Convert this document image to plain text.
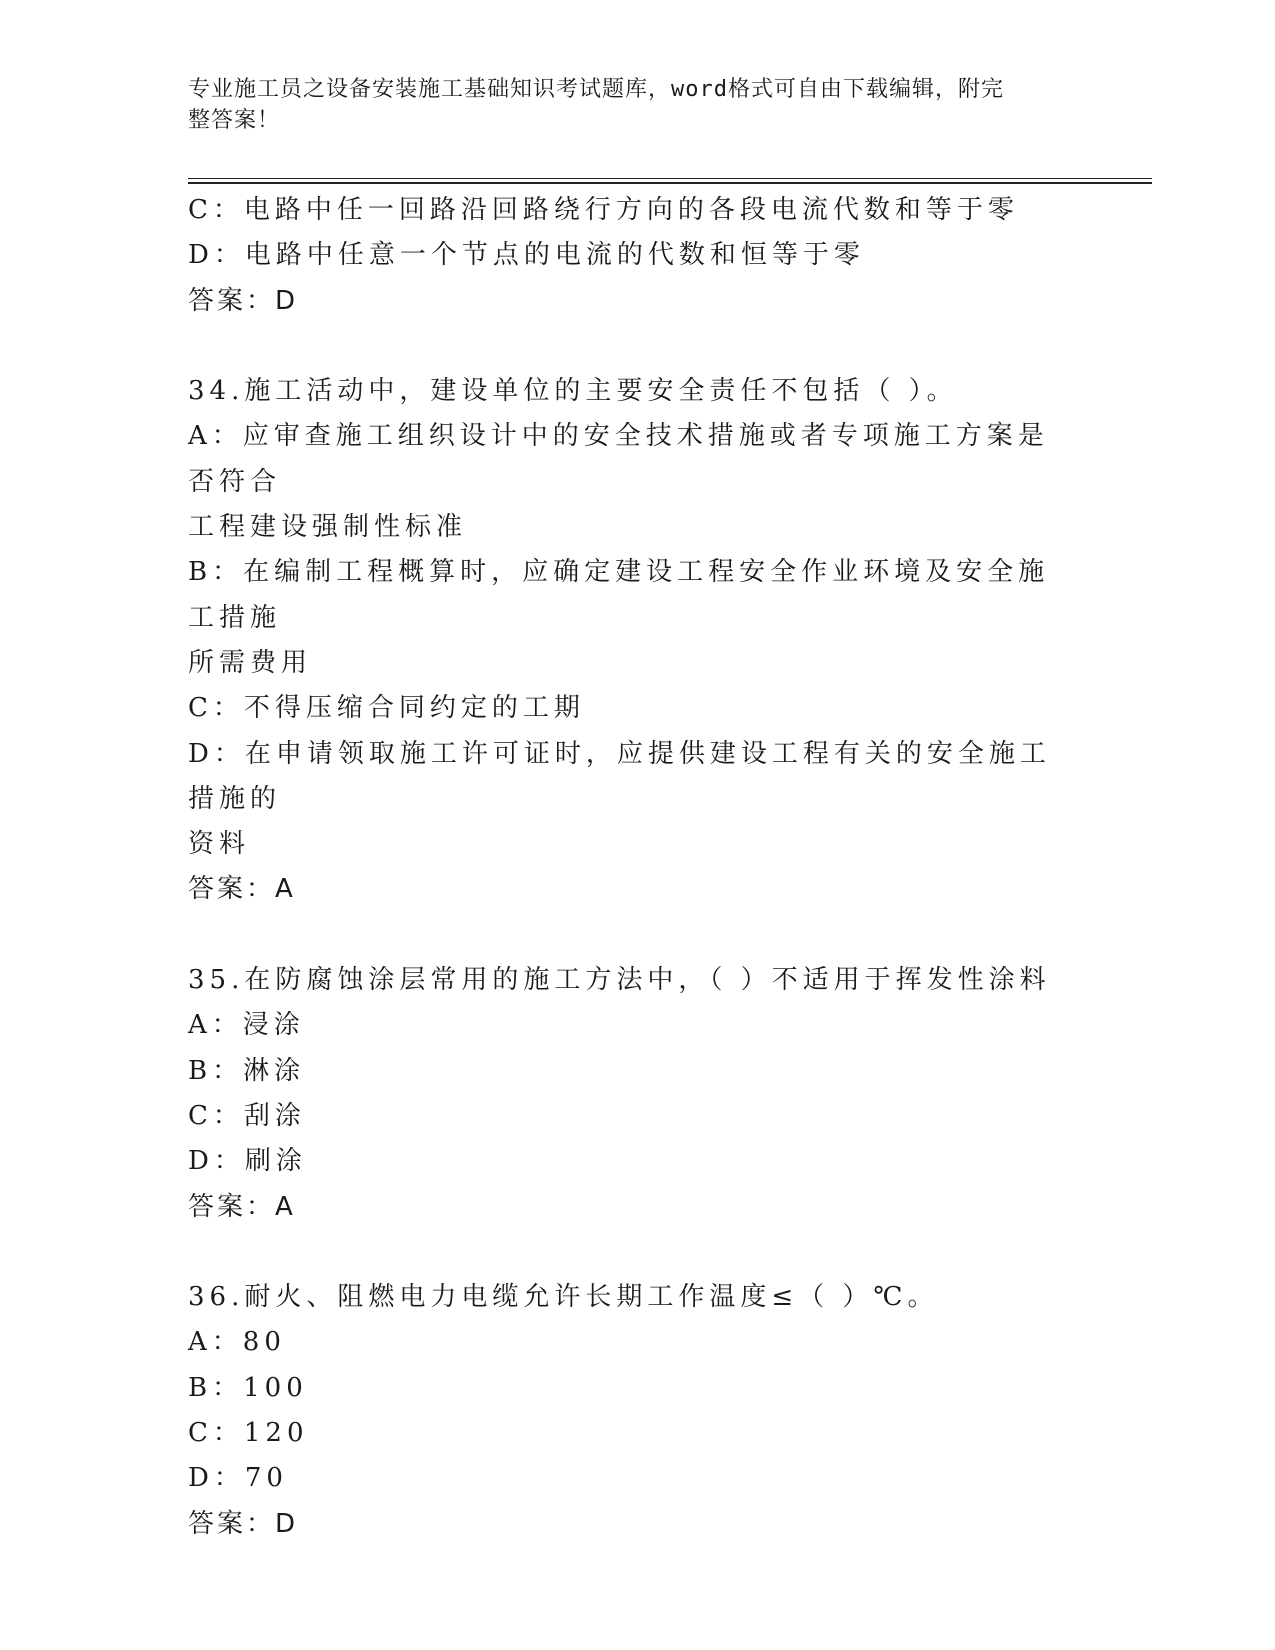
专业施工员之设备安装施工基础知识考试题库，word格式可自由下载编辑，附完
整答案！
C：电路中任一回路沿回路绕行方向的各段电流代数和等于零
D：电路中任意一个节点的电流的代数和恒等于零
答案：D
34.施工活动中，建设单位的主要安全责任不包括（ ）。
A：应审查施工组织设计中的安全技术措施或者专项施工方案是否符合
工程建设强制性标准
B：在编制工程概算时，应确定建设工程安全作业环境及安全施工措施
所需费用
C：不得压缩合同约定的工期
D：在申请领取施工许可证时，应提供建设工程有关的安全施工措施的
资料
答案：A
35.在防腐蚀涂层常用的施工方法中，（ ）不适用于挥发性涂料
A：浸涂
B：淋涂
C：刮涂
D：刷涂
答案：A
36.耐火、阻燃电力电缆允许长期工作温度≤（ ）℃。
A：80
B：100
C：120
D：70
答案：D
